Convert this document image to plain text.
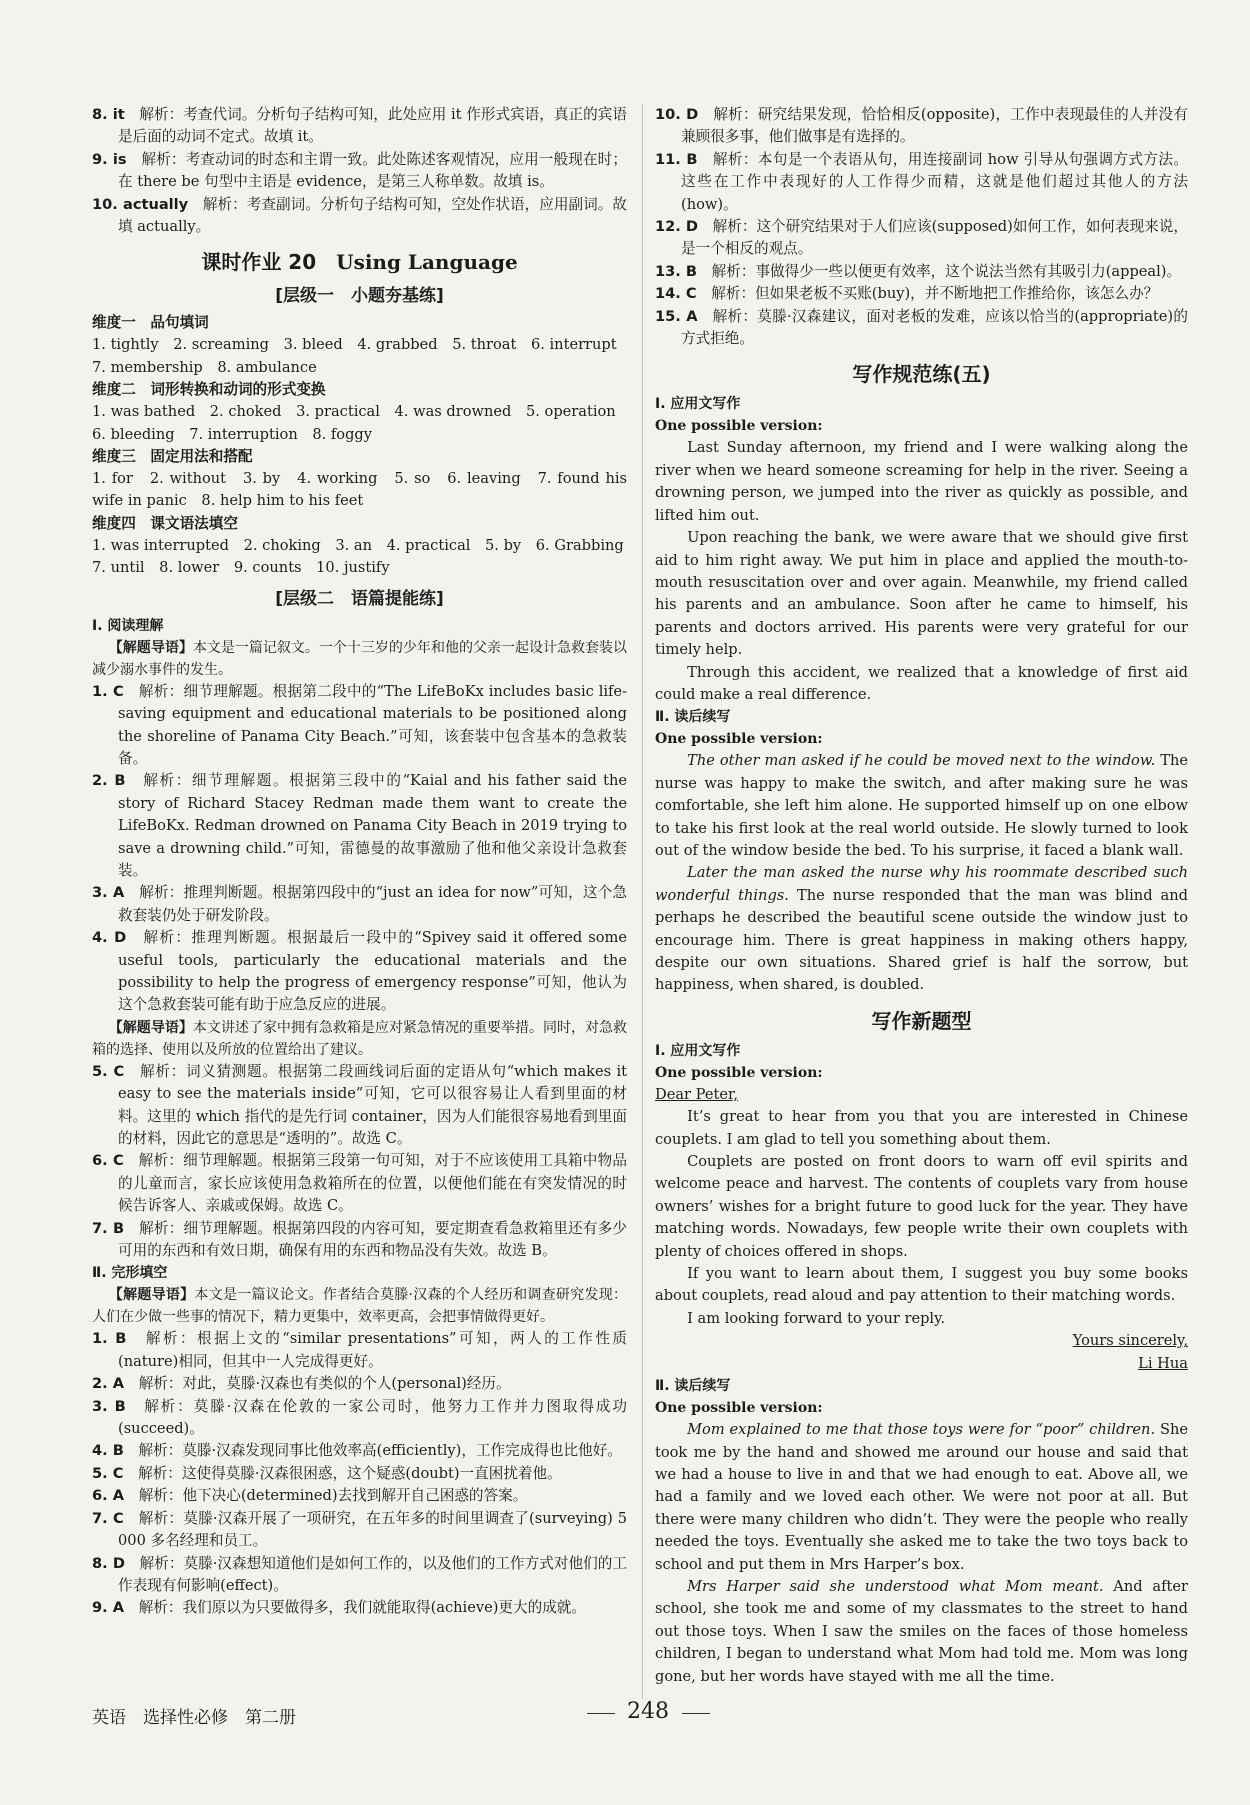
8. it　 解析：考查代词。分析句子结构可知，此处应用 it 作形式宾语，真正的宾语是后面的动词不定式。故填 it。

9. is　 解析：考查动词的时态和主谓一致。此处陈述客观情况，应用一般现在时；在 there be 句型中主语是 evidence，是第三人称单数。故填 is。

10. actually　 解析：考查副词。分析句子结构可知，空处作状语，应用副词。故填 actually。

课时作业 20　 Using Language
[层级一　小题夯基练]

维度一　品句填词

1. tightly　2. screaming　3. bleed　4. grabbed　5. throat　6. interrupt

7. membership　8. ambulance

维度二　词形转换和动词的形式变换

1. was bathed　2. choked　3. practical　4. was drowned　5. operation

6. bleeding　7. interruption　8. foggy

维度三　固定用法和搭配

1. for　2. without　3. by　4. working　5. so　6. leaving　7. found his wife in panic　8. help him to his feet

维度四　课文语法填空

1. was interrupted　2. choking　3. an　4. practical　5. by　6. Grabbing

7. until　8. lower　9. counts　10. justify

[层级二　语篇提能练]

Ⅰ. 阅读理解

【解题导语】本文是一篇记叙文。一个十三岁的少年和他的父亲一起设计急救套装以减少溺水事件的发生。

1. C　 解析：细节理解题。根据第二段中的“The LifeBoKx includes basic life-saving equipment and educational materials to be positioned along the shoreline of Panama City Beach.”可知，该套装中包含基本的急救装备。

2. B　 解析：细节理解题。根据第三段中的“Kaial and his father said the story of Richard Stacey Redman made them want to create the LifeBoKx. Redman drowned on Panama City Beach in 2019 trying to save a drowning child.”可知，雷德曼的故事激励了他和他父亲设计急救套装。

3. A　 解析：推理判断题。根据第四段中的“just an idea for now”可知，这个急救套装仍处于研发阶段。

4. D　 解析：推理判断题。根据最后一段中的“Spivey said it offered some useful tools, particularly the educational materials and the possibility to help the progress of emergency response”可知，他认为这个急救套装可能有助于应急反应的进展。

【解题导语】本文讲述了家中拥有急救箱是应对紧急情况的重要举措。同时，对急救箱的选择、使用以及所放的位置给出了建议。

5. C　 解析：词义猜测题。根据第二段画线词后面的定语从句“which makes it easy to see the materials inside”可知，它可以很容易让人看到里面的材料。这里的 which 指代的是先行词 container，因为人们能很容易地看到里面的材料，因此它的意思是“透明的”。故选 C。

6. C　 解析：细节理解题。根据第三段第一句可知，对于不应该使用工具箱中物品的儿童而言，家长应该使用急救箱所在的位置，以便他们能在有突发情况的时候告诉客人、亲戚或保姆。故选 C。

7. B　 解析：细节理解题。根据第四段的内容可知，要定期查看急救箱里还有多少可用的东西和有效日期，确保有用的东西和物品没有失效。故选 B。

Ⅱ. 完形填空

【解题导语】本文是一篇议论文。作者结合莫滕·汉森的个人经历和调查研究发现：人们在少做一些事的情况下，精力更集中，效率更高，会把事情做得更好。

1. B　 解析：根据上文的“similar presentations”可知，两人的工作性质(nature)相同，但其中一人完成得更好。

2. A　 解析：对此，莫滕·汉森也有类似的个人(personal)经历。

3. B　 解析：莫滕·汉森在伦敦的一家公司时，他努力工作并力图取得成功(succeed)。

4. B　 解析：莫滕·汉森发现同事比他效率高(efficiently)，工作完成得也比他好。

5. C　 解析：这使得莫滕·汉森很困惑，这个疑惑(doubt)一直困扰着他。

6. A　 解析：他下决心(determined)去找到解开自己困惑的答案。

7. C　 解析：莫滕·汉森开展了一项研究，在五年多的时间里调查了(surveying) 5 000 多名经理和员工。

8. D　 解析：莫滕·汉森想知道他们是如何工作的，以及他们的工作方式对他们的工作表现有何影响(effect)。

9. A　 解析：我们原以为只要做得多，我们就能取得(achieve)更大的成就。

10. D　 解析：研究结果发现，恰恰相反(opposite)，工作中表现最佳的人并没有兼顾很多事，他们做事是有选择的。

11. B　 解析：本句是一个表语从句，用连接副词 how 引导从句强调方式方法。这些在工作中表现好的人工作得少而精，这就是他们超过其他人的方法(how)。

12. D　 解析：这个研究结果对于人们应该(supposed)如何工作，如何表现来说，是一个相反的观点。

13. B　 解析：事做得少一些以便更有效率，这个说法当然有其吸引力(appeal)。

14. C　 解析：但如果老板不买账(buy)，并不断地把工作推给你，该怎么办？

15. A　 解析：莫滕·汉森建议，面对老板的发难，应该以恰当的(appropriate)的方式拒绝。

写作规范练(五)

Ⅰ. 应用文写作

One possible version:

Last Sunday afternoon, my friend and I were walking along the river when we heard someone screaming for help in the river. Seeing a drowning person, we jumped into the river as quickly as possible, and lifted him out.

Upon reaching the bank, we were aware that we should give first aid to him right away. We put him in place and applied the mouth-to-mouth resuscitation over and over again. Meanwhile, my friend called his parents and an ambulance. Soon after he came to himself, his parents and doctors arrived. His parents were very grateful for our timely help.

Through this accident, we realized that a knowledge of first aid could make a real difference.

Ⅱ. 读后续写

One possible version:

The other man asked if he could be moved next to the window. The nurse was happy to make the switch, and after making sure he was comfortable, she left him alone. He supported himself up on one elbow to take his first look at the real world outside. He slowly turned to look out of the window beside the bed. To his surprise, it faced a blank wall.

Later the man asked the nurse why his roommate described such wonderful things. The nurse responded that the man was blind and perhaps he described the beautiful scene outside the window just to encourage him. There is great happiness in making others happy, despite our own situations. Shared grief is half the sorrow, but happiness, when shared, is doubled.

写作新题型

Ⅰ. 应用文写作

One possible version:

Dear Peter,

It’s great to hear from you that you are interested in Chinese couplets. I am glad to tell you something about them.

Couplets are posted on front doors to warn off evil spirits and welcome peace and harvest. The contents of couplets vary from house owners’ wishes for a bright future to good luck for the year. They have matching words. Nowadays, few people write their own couplets with plenty of choices offered in shops.

If you want to learn about them, I suggest you buy some books about couplets, read aloud and pay attention to their matching words.

I am looking forward to your reply.

Yours sincerely,

Li Hua

Ⅱ. 读后续写

One possible version:

Mom explained to me that those toys were for “poor” children. She took me by the hand and showed me around our house and said that we had a house to live in and that we had enough to eat. Above all, we had a family and we loved each other. We were not poor at all. But there were many children who didn’t. They were the people who really needed the toys. Eventually she asked me to take the two toys back to school and put them in Mrs Harper’s box.

Mrs Harper said she understood what Mom meant. And after school, she took me and some of my classmates to the street to hand out those toys. When I saw the smiles on the faces of those homeless children, I began to understand what Mom had told me. Mom was long gone, but her words have stayed with me all the time.

英语　选择性必修　第二册	248
